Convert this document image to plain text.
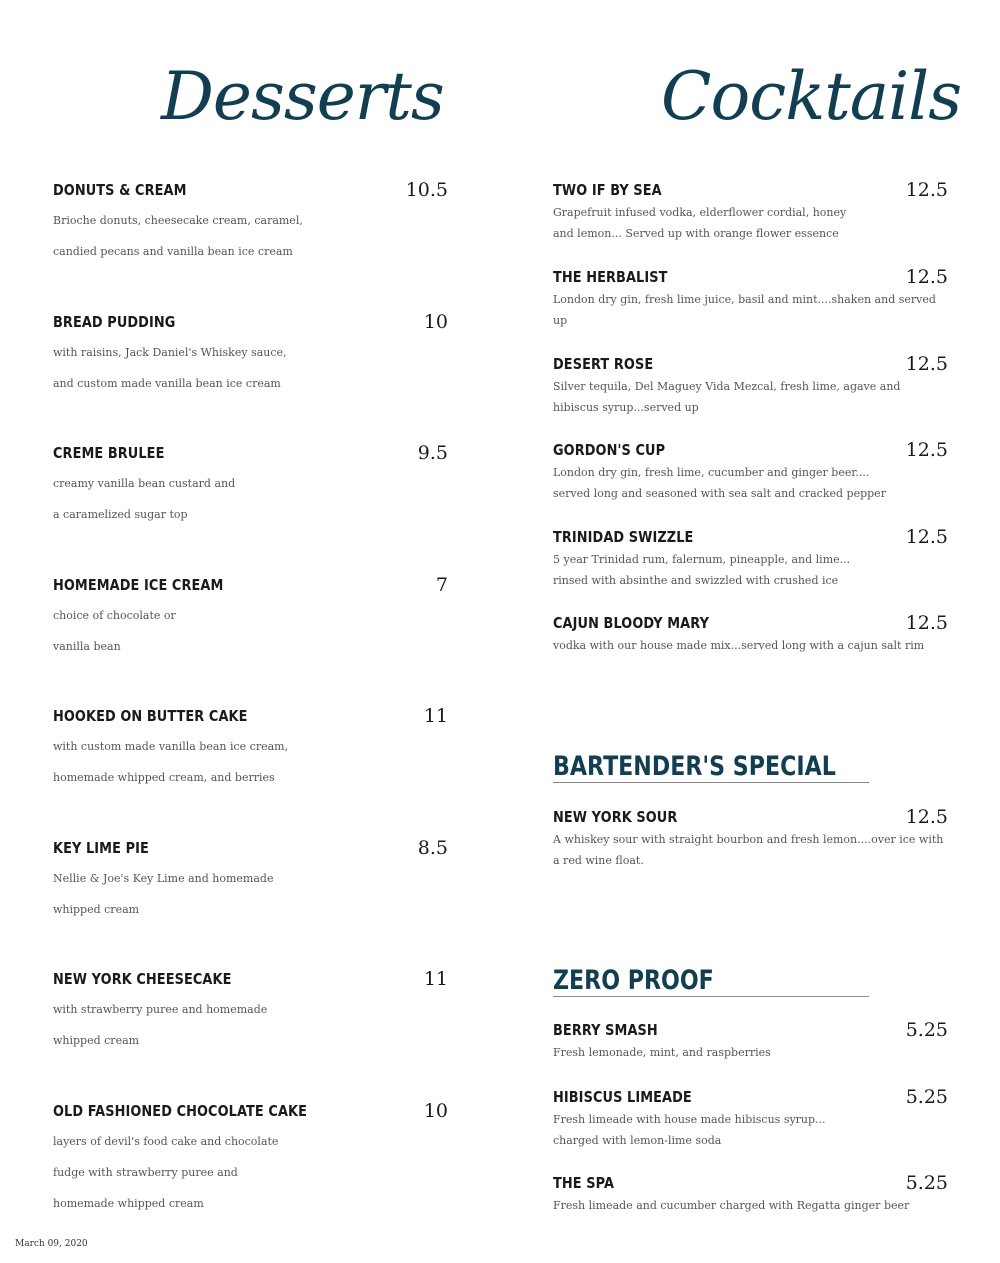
Desserts
DONUTS & CREAM	10.5
Brioche donuts, cheesecake cream, caramel,
candied pecans and vanilla bean ice cream
BREAD PUDDING	10
with raisins, Jack Daniel's Whiskey sauce,
and custom made vanilla bean ice cream
CREME BRULEE	9.5
creamy vanilla bean custard and
a caramelized sugar top
HOMEMADE ICE CREAM	7
choice of chocolate or
vanilla bean
HOOKED ON BUTTER CAKE	11
with custom made vanilla bean ice cream,
homemade whipped cream, and berries
KEY LIME PIE	8.5
Nellie & Joe's Key Lime and homemade
whipped cream
NEW YORK CHEESECAKE	11
with strawberry puree and homemade
whipped cream
OLD FASHIONED CHOCOLATE CAKE	10
layers of devil's food cake and chocolate
fudge with strawberry puree and
homemade whipped cream
Cocktails
TWO IF BY SEA	12.5
Grapefruit infused vodka, elderflower cordial, honey and lemon... Served up with orange flower essence
THE HERBALIST	12.5
London dry gin, fresh lime juice, basil and mint....shaken and served up
DESERT ROSE	12.5
Silver tequila, Del Maguey Vida Mezcal, fresh lime, agave and hibiscus syrup...served up
GORDON'S CUP	12.5
London dry gin, fresh lime, cucumber and ginger beer.... served long and seasoned with sea salt and cracked pepper
TRINIDAD SWIZZLE	12.5
5 year Trinidad rum, falernum, pineapple, and lime... rinsed with absinthe and swizzled with crushed ice
CAJUN BLOODY MARY	12.5
vodka with our house made mix...served long with a cajun salt rim
BARTENDER'S SPECIAL
NEW YORK SOUR	12.5
A whiskey sour with straight bourbon and fresh lemon....over ice with a red wine float.
ZERO PROOF
BERRY SMASH	5.25
Fresh lemonade, mint, and raspberries
HIBISCUS LIMEADE	5.25
Fresh limeade with house made hibiscus syrup... charged with lemon-lime soda
THE SPA	5.25
Fresh limeade and cucumber charged with Regatta ginger beer
March 09, 2020
